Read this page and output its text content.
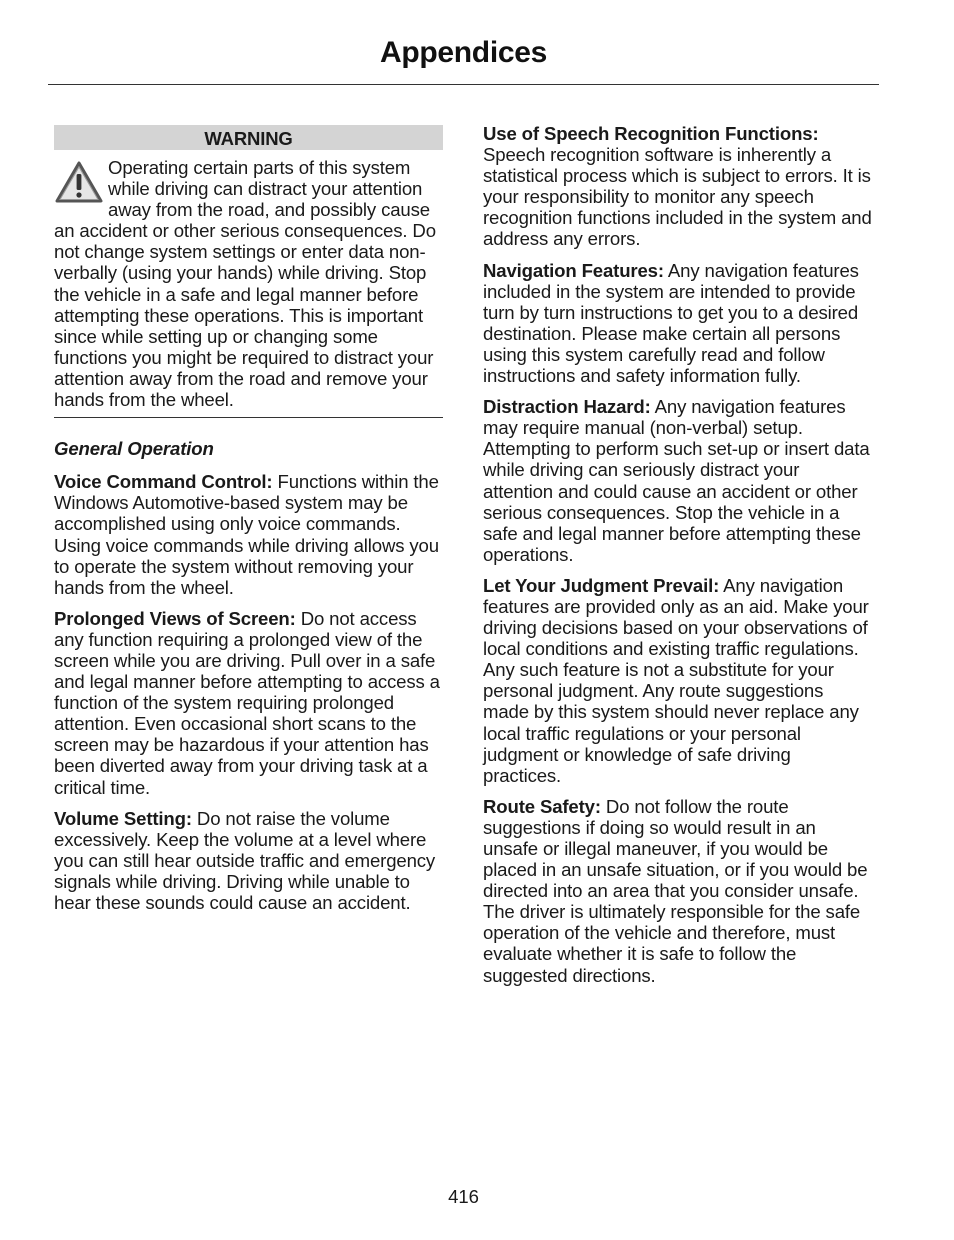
Appendices
WARNING
Operating certain parts of this system while driving can distract your attention away from the road, and possibly cause an accident or other serious consequences. Do not change system settings or enter data non-verbally (using your hands) while driving. Stop the vehicle in a safe and legal manner before attempting these operations. This is important since while setting up or changing some functions you might be required to distract your attention away from the road and remove your hands from the wheel.
General Operation

Voice Command Control: Functions within the Windows Automotive-based system may be accomplished using only voice commands. Using voice commands while driving allows you to operate the system without removing your hands from the wheel.

Prolonged Views of Screen: Do not access any function requiring a prolonged view of the screen while you are driving. Pull over in a safe and legal manner before attempting to access a function of the system requiring prolonged attention. Even occasional short scans to the screen may be hazardous if your attention has been diverted away from your driving task at a critical time.

Volume Setting: Do not raise the volume excessively. Keep the volume at a level where you can still hear outside traffic and emergency signals while driving. Driving while unable to hear these sounds could cause an accident.

Use of Speech Recognition Functions: Speech recognition software is inherently a statistical process which is subject to errors. It is your responsibility to monitor any speech recognition functions included in the system and address any errors.

Navigation Features: Any navigation features included in the system are intended to provide turn by turn instructions to get you to a desired destination. Please make certain all persons using this system carefully read and follow instructions and safety information fully.

Distraction Hazard: Any navigation features may require manual (non-verbal) setup. Attempting to perform such set-up or insert data while driving can seriously distract your attention and could cause an accident or other serious consequences. Stop the vehicle in a safe and legal manner before attempting these operations.

Let Your Judgment Prevail: Any navigation features are provided only as an aid. Make your driving decisions based on your observations of local conditions and existing traffic regulations. Any such feature is not a substitute for your personal judgment. Any route suggestions made by this system should never replace any local traffic regulations or your personal judgment or knowledge of safe driving practices.

Route Safety: Do not follow the route suggestions if doing so would result in an unsafe or illegal maneuver, if you would be placed in an unsafe situation, or if you would be directed into an area that you consider unsafe. The driver is ultimately responsible for the safe operation of the vehicle and therefore, must evaluate whether it is safe to follow the suggested directions.

416
